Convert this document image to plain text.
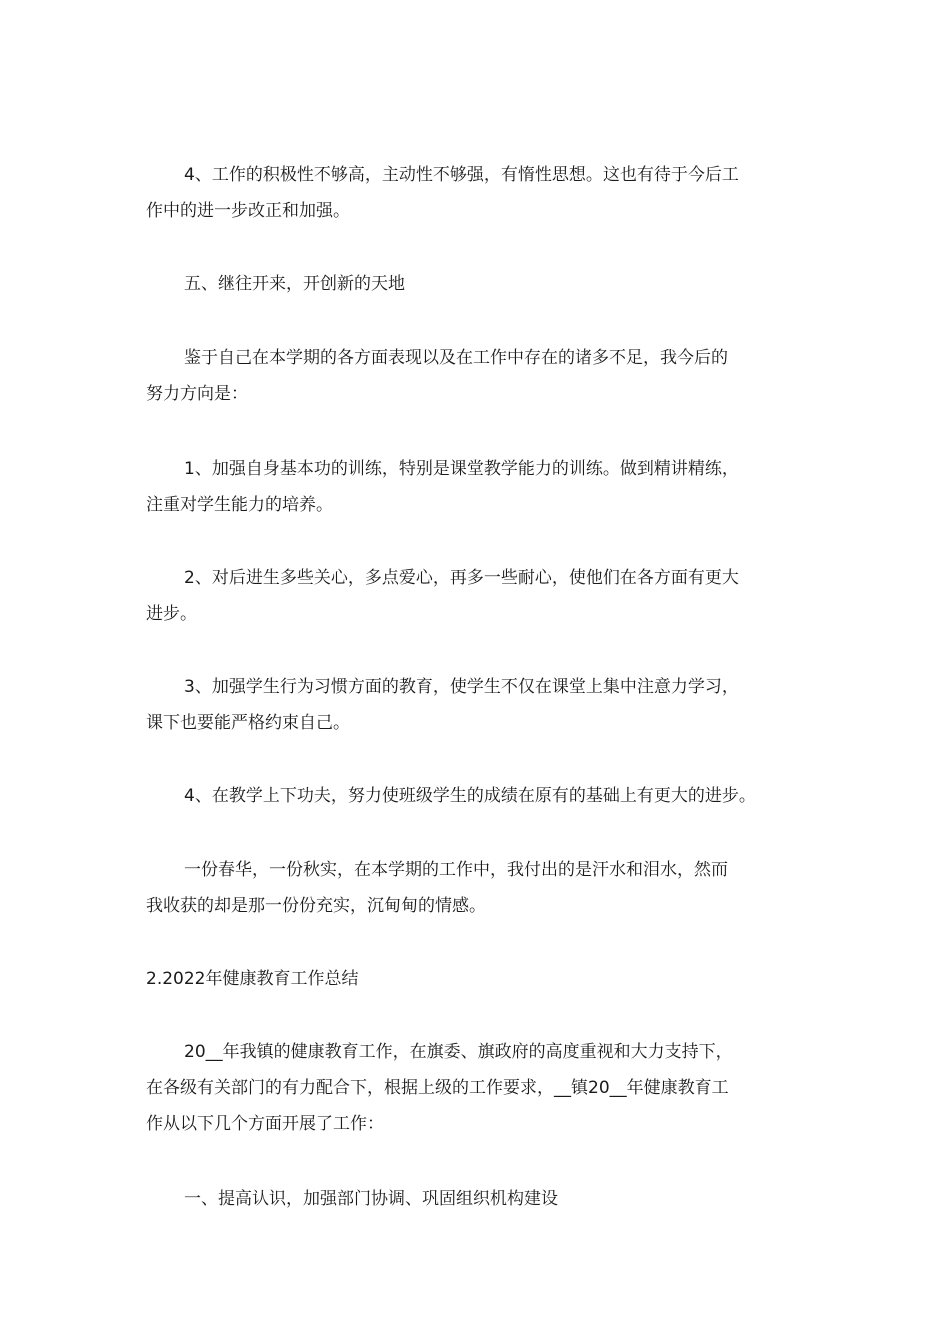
4、工作的积极性不够高，主动性不够强，有惰性思想。这也有待于今后工
作中的进一步改正和加强。

五、继往开来，开创新的天地

鉴于自己在本学期的各方面表现以及在工作中存在的诸多不足，我今后的
努力方向是：

1、加强自身基本功的训练，特别是课堂教学能力的训练。做到精讲精练，
注重对学生能力的培养。

2、对后进生多些关心，多点爱心，再多一些耐心，使他们在各方面有更大
进步。

3、加强学生行为习惯方面的教育，使学生不仅在课堂上集中注意力学习，
课下也要能严格约束自己。

4、在教学上下功夫，努力使班级学生的成绩在原有的基础上有更大的进步。

一份春华，一份秋实，在本学期的工作中，我付出的是汗水和泪水，然而
我收获的却是那一份份充实，沉甸甸的情感。

2.2022年健康教育工作总结

20__年我镇的健康教育工作，在旗委、旗政府的高度重视和大力支持下，
在各级有关部门的有力配合下，根据上级的工作要求，__镇20__年健康教育工
作从以下几个方面开展了工作：

一、提高认识，加强部门协调、巩固组织机构建设
